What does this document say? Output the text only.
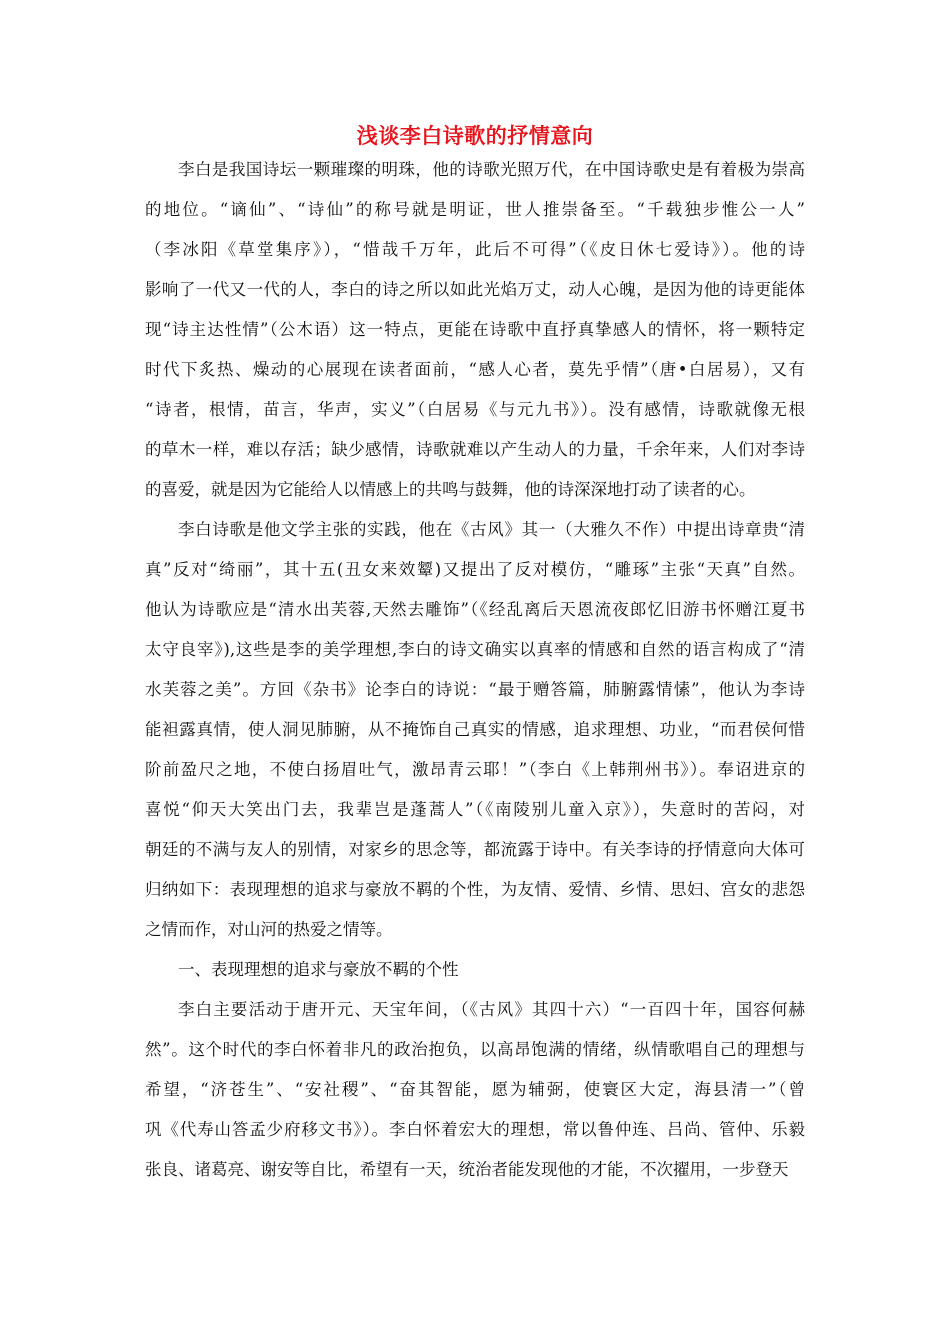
浅谈李白诗歌的抒情意向
李白是我国诗坛一颗璀璨的明珠，他的诗歌光照万代，在中国诗歌史是有着极为崇高
的地位。“谪仙”、“诗仙”的称号就是明证，世人推崇备至。“千载独步惟公一人”
（李冰阳《草堂集序》），“惜哉千万年，此后不可得”（《皮日休七爱诗》）。他的诗
影响了一代又一代的人，李白的诗之所以如此光焰万丈，动人心魄，是因为他的诗更能体
现“诗主达性情”（公木语）这一特点，更能在诗歌中直抒真挚感人的情怀，将一颗特定
时代下炙热、燥动的心展现在读者面前，“感人心者，莫先乎情”（唐•白居易），又有
“诗者，根情，苗言，华声，实义”（白居易《与元九书》）。没有感情，诗歌就像无根
的草木一样，难以存活；缺少感情，诗歌就难以产生动人的力量，千余年来，人们对李诗
的喜爱，就是因为它能给人以情感上的共鸣与鼓舞，他的诗深深地打动了读者的心。
李白诗歌是他文学主张的实践，他在《古风》其一（大雅久不作）中提出诗章贵“清
真”反对“绮丽”，其十五(丑女来效颦)又提出了反对模仿，“雕琢”主张“天真”自然。
他认为诗歌应是“清水出芙蓉,天然去雕饰”（《经乱离后天恩流夜郎忆旧游书怀赠江夏书
太守良宰》),这些是李的美学理想,李白的诗文确实以真率的情感和自然的语言构成了“清
水芙蓉之美”。方回《杂书》论李白的诗说：“最于赠答篇，肺腑露情愫”，他认为李诗
能袒露真情，使人洞见肺腑，从不掩饰自己真实的情感，追求理想、功业，“而君侯何惜
阶前盈尺之地，不使白扬眉吐气，激昂青云耶！”（李白《上韩荆州书》）。奉诏进京的
喜悦“仰天大笑出门去，我辈岂是蓬蒿人”（《南陵别儿童入京》），失意时的苦闷，对
朝廷的不满与友人的别情，对家乡的思念等，都流露于诗中。有关李诗的抒情意向大体可
归纳如下：表现理想的追求与豪放不羁的个性，为友情、爱情、乡情、思妇、宫女的悲怨
之情而作，对山河的热爱之情等。
一、表现理想的追求与豪放不羁的个性
李白主要活动于唐开元、天宝年间，（《古风》其四十六）“一百四十年，国容何赫
然”。这个时代的李白怀着非凡的政治抱负，以高昂饱满的情绪，纵情歌唱自己的理想与
希望，“济苍生”、“安社稷”、“奋其智能，愿为辅弼，使寰区大定，海县清一”（曾
巩《代寿山答孟少府移文书》）。李白怀着宏大的理想，常以鲁仲连、吕尚、管仲、乐毅
张良、诸葛亮、谢安等自比，希望有一天，统治者能发现他的才能，不次擢用，一步登天
